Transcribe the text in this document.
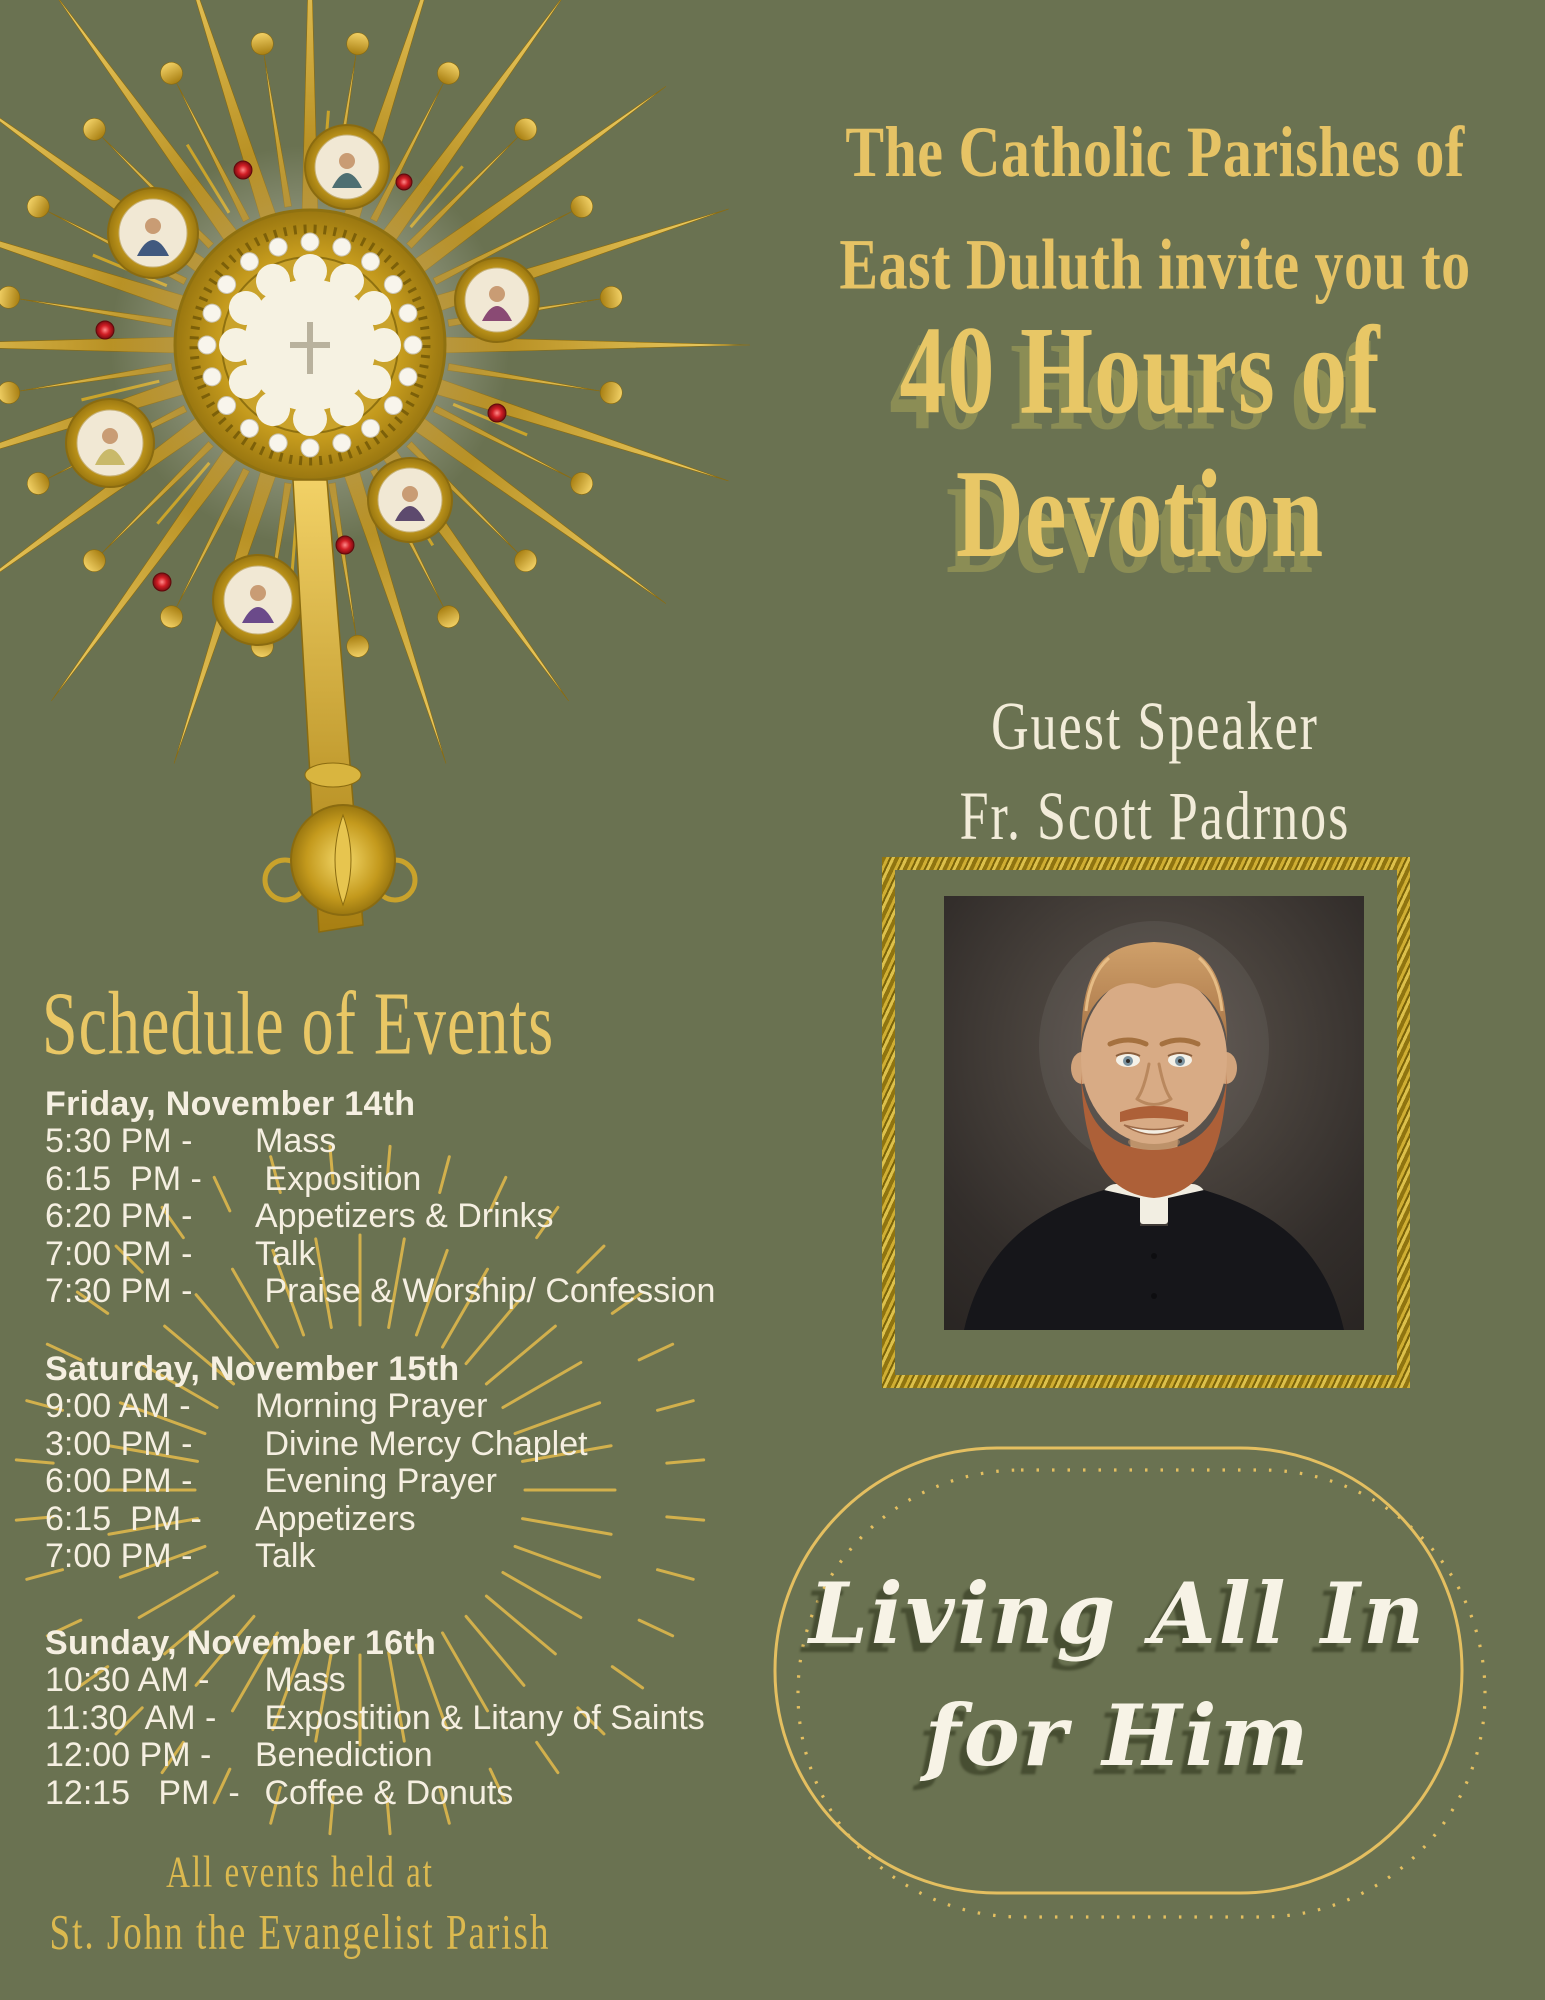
The Catholic Parishes of
East Duluth invite you to
40 Hours of
Devotion
Guest Speaker
Fr. Scott Padrnos
Schedule of Events
Friday, November 14th
5:30 PM -	Mass
6:15  PM -	Exposition
6:20 PM -	Appetizers & Drinks
7:00 PM -	Talk
7:30 PM -	Praise & Worship/ Confession
Saturday, November 15th
9:00 AM -	Morning Prayer
3:00 PM -	Divine Mercy Chaplet
6:00 PM -	Evening Prayer
6:15  PM -	Appetizers
7:00 PM -	Talk
Sunday, November 16th
10:30 AM -	Mass
11:30  AM -	Expostition & Litany of Saints
12:00 PM -	Benediction
12:15   PM  - Coffee & Donuts
All events held at
St. John the Evangelist Parish
Living All In
for Him
